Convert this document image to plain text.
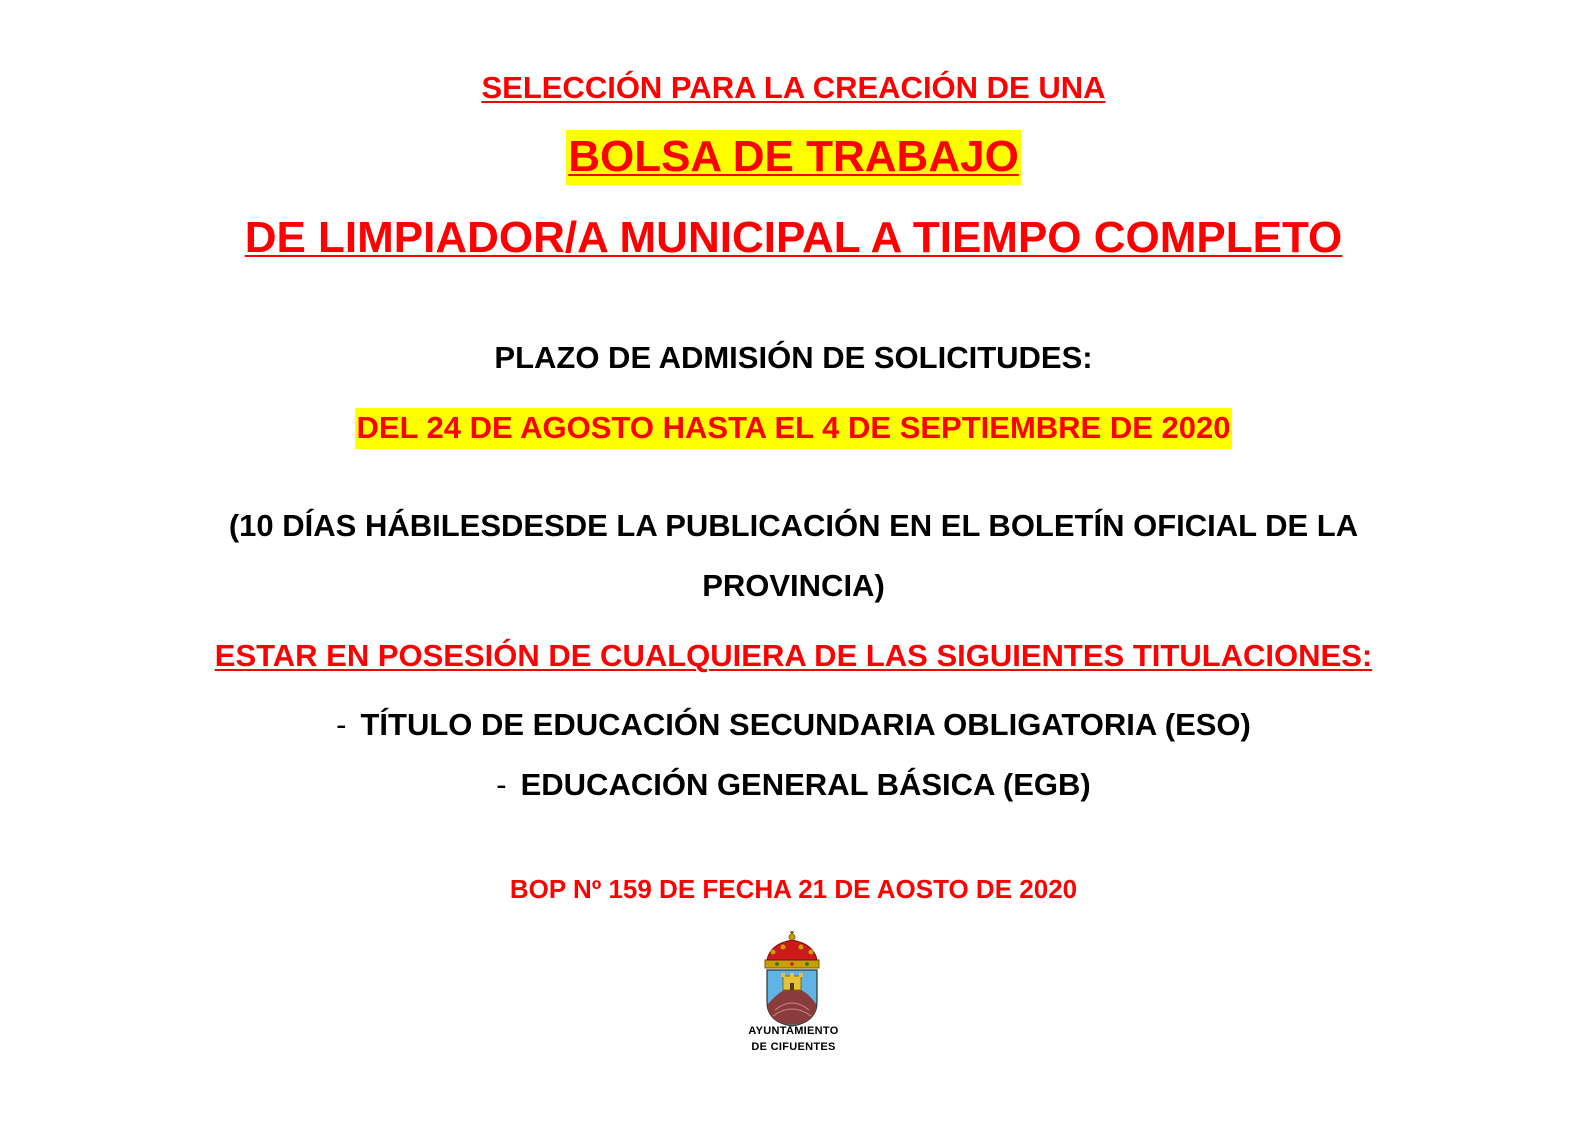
SELECCIÓN PARA LA CREACIÓN DE UNA
BOLSA DE TRABAJO
DE LIMPIADOR/A MUNICIPAL A TIEMPO COMPLETO
PLAZO DE ADMISIÓN DE SOLICITUDES:
DEL 24 DE AGOSTO HASTA EL 4 DE SEPTIEMBRE DE 2020
(10 DÍAS HÁBILESDESDE LA PUBLICACIÓN EN EL BOLETÍN OFICIAL DE LA
PROVINCIA)
ESTAR EN POSESIÓN DE CUALQUIERA DE LAS SIGUIENTES TITULACIONES:
- TÍTULO DE EDUCACIÓN SECUNDARIA OBLIGATORIA (ESO)
- EDUCACIÓN GENERAL BÁSICA (EGB)
BOP Nº 159 DE FECHA 21 DE AOSTO DE 2020
AYUNTAMIENTO
DE CIFUENTES
